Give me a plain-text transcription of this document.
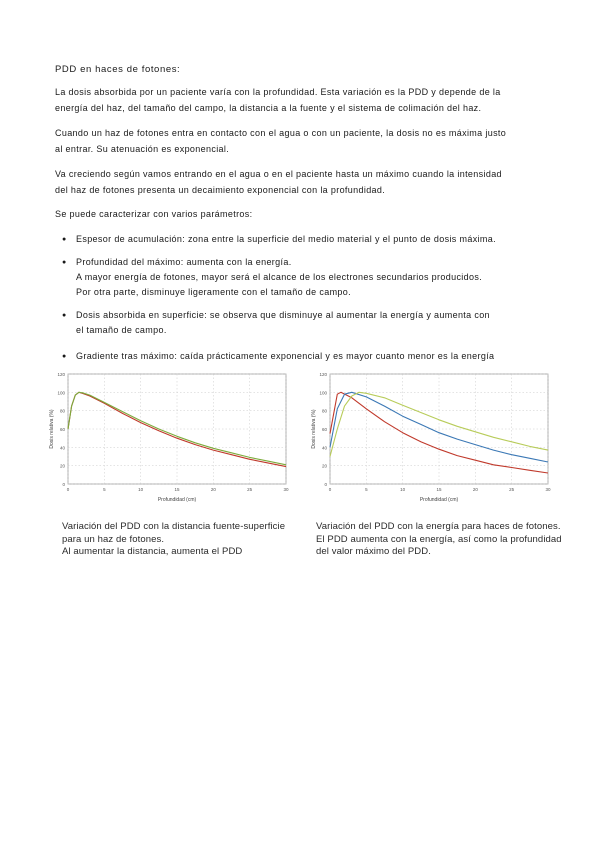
PDD en haces de fotones:
La dosis absorbida por un paciente varía con la profundidad. Esta variación es la PDD y depende de la
energía del haz, del tamaño del campo, la distancia a la fuente y el sistema de colimación del haz.
Cuando un haz de fotones entra en contacto con el agua o con un paciente, la dosis no es máxima justo
al entrar. Su atenuación es exponencial.
Va creciendo según vamos entrando en el agua o en el paciente hasta un máximo cuando la intensidad
del haz de fotones presenta un decaimiento exponencial con la profundidad.
Se puede caracterizar con varios parámetros:
● Espesor de acumulación: zona entre la superficie del medio material y el punto de dosis máxima.
● Profundidad del máximo: aumenta con la energía.
A mayor energía de fotones, mayor será el alcance de los electrones secundarios producidos.
Por otra parte, disminuye ligeramente con el tamaño de campo.
● Dosis absorbida en superficie: se observa que disminuye al aumentar la energía y aumenta con
el tamaño de campo.
● Gradiente tras máximo: caída prácticamente exponencial y es mayor cuanto menor es la energía
0
20
40
60
80
100
120
0	5	10	15	20	25	30
Profundidad (cm)
Dosis relativa (%)
Variación del PDD con la distancia fuente-superficie
para un haz de fotones.
Al aumentar la distancia, aumenta el PDD
0
20
40
60
80
100
120
0	5	10	15	20	25	30
Profundidad (cm)
Dosis relativa (%)
Variación del PDD con la energía para haces de fotones.
El PDD aumenta con la energía, así como la profundidad
del valor máximo del PDD.
